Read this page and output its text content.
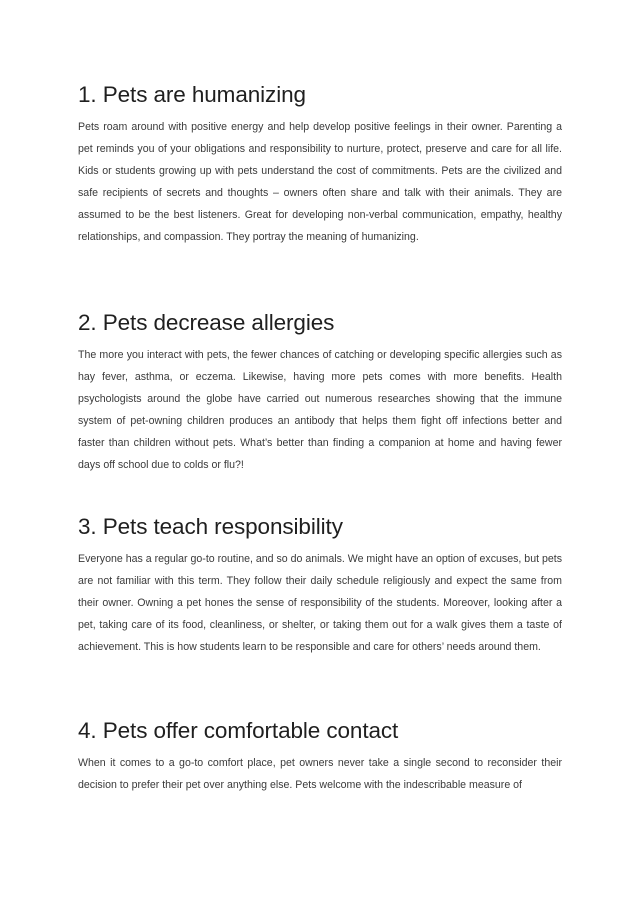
1. Pets are humanizing

Pets roam around with positive energy and help develop positive feelings in their owner. Parenting a pet reminds you of your obligations and responsibility to nurture, protect, preserve and care for all life. Kids or students growing up with pets understand the cost of commitments. Pets are the civilized and safe recipients of secrets and thoughts – owners often share and talk with their animals. They are assumed to be the best listeners. Great for developing non-verbal communication, empathy, healthy relationships, and compassion. They portray the meaning of humanizing.

2. Pets decrease allergies

The more you interact with pets, the fewer chances of catching or developing specific allergies such as hay fever, asthma, or eczema. Likewise, having more pets comes with more benefits. Health psychologists around the globe have carried out numerous researches showing that the immune system of pet-owning children produces an antibody that helps them fight off infections better and faster than children without pets. What’s better than finding a companion at home and having fewer days off school due to colds or flu?!

3. Pets teach responsibility

Everyone has a regular go-to routine, and so do animals. We might have an option of excuses, but pets are not familiar with this term. They follow their daily schedule religiously and expect the same from their owner. Owning a pet hones the sense of responsibility of the students. Moreover, looking after a pet, taking care of its food, cleanliness, or shelter, or taking them out for a walk gives them a taste of achievement. This is how students learn to be responsible and care for others’ needs around them.

4. Pets offer comfortable contact

When it comes to a go-to comfort place, pet owners never take a single second to reconsider their decision to prefer their pet over anything else. Pets welcome with the indescribable measure of
